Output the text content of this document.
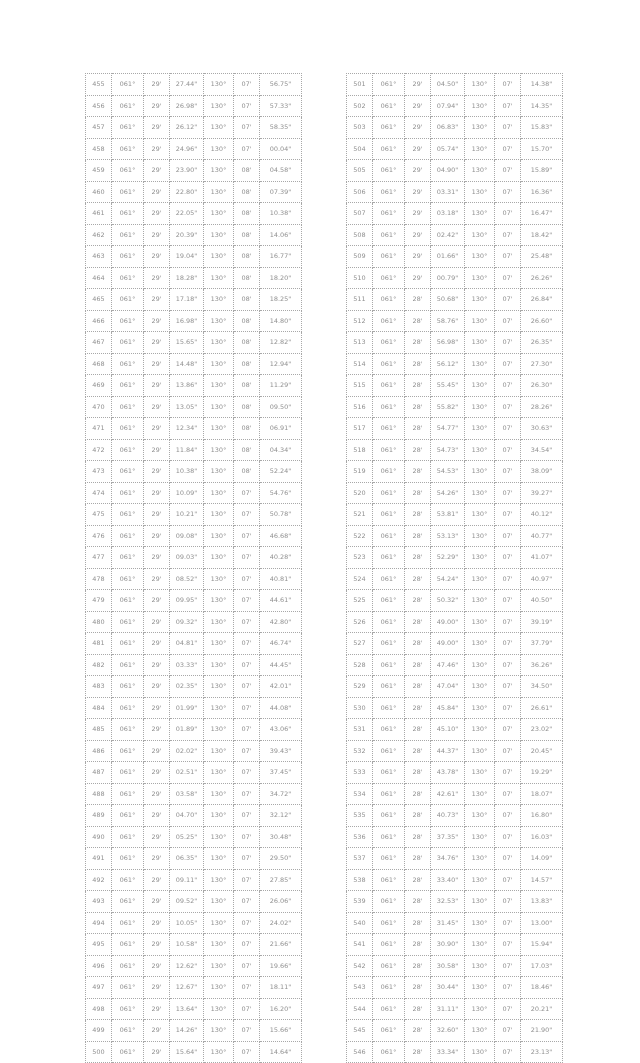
455	061°	29'	27.44"	130°	07'	56.75"
456	061°	29'	26.98"	130°	07'	57.33"
457	061°	29'	26.12"	130°	07'	58.35"
458	061°	29'	24.96"	130°	07'	00.04"
459	061°	29'	23.90"	130°	08'	04.58"
460	061°	29'	22.80"	130°	08'	07.39"
461	061°	29'	22.05"	130°	08'	10.38"
462	061°	29'	20.39"	130°	08'	14.06"
463	061°	29'	19.04"	130°	08'	16.77"
464	061°	29'	18.28"	130°	08'	18.20"
465	061°	29'	17.18"	130°	08'	18.25"
466	061°	29'	16.98"	130°	08'	14.80"
467	061°	29'	15.65"	130°	08'	12.82"
468	061°	29'	14.48"	130°	08'	12.94"
469	061°	29'	13.86"	130°	08'	11.29"
470	061°	29'	13.05"	130°	08'	09.50"
471	061°	29'	12.34"	130°	08'	06.91"
472	061°	29'	11.84"	130°	08'	04.34"
473	061°	29'	10.38"	130°	08'	52.24"
474	061°	29'	10.09"	130°	07'	54.76"
475	061°	29'	10.21"	130°	07'	50.78"
476	061°	29'	09.08"	130°	07'	46.68"
477	061°	29'	09.03"	130°	07'	40.28"
478	061°	29'	08.52"	130°	07'	40.81"
479	061°	29'	09.95"	130°	07'	44.61"
480	061°	29'	09.32"	130°	07'	42.80"
481	061°	29'	04.81"	130°	07'	46.74"
482	061°	29'	03.33"	130°	07'	44.45"
483	061°	29'	02.35"	130°	07'	42.01"
484	061°	29'	01.99"	130°	07'	44.08"
485	061°	29'	01.89"	130°	07'	43.06"
486	061°	29'	02.02"	130°	07'	39.43"
487	061°	29'	02.51"	130°	07'	37.45"
488	061°	29'	03.58"	130°	07'	34.72"
489	061°	29'	04.70"	130°	07'	32.12"
490	061°	29'	05.25"	130°	07'	30.48"
491	061°	29'	06.35"	130°	07'	29.50"
492	061°	29'	09.11"	130°	07'	27.85"
493	061°	29'	09.52"	130°	07'	26.06"
494	061°	29'	10.05"	130°	07'	24.02"
495	061°	29'	10.58"	130°	07'	21.66"
496	061°	29'	12.62"	130°	07'	19.66"
497	061°	29'	12.67"	130°	07'	18.11"
498	061°	29'	13.64"	130°	07'	16.20"
499	061°	29'	14.26"	130°	07'	15.66"
500	061°	29'	15.64"	130°	07'	14.64"
501	061°	29'	04.50"	130°	07'	14.38"
502	061°	29'	07.94"	130°	07'	14.35"
503	061°	29'	06.83"	130°	07'	15.83"
504	061°	29'	05.74"	130°	07'	15.70"
505	061°	29'	04.90"	130°	07'	15.89"
506	061°	29'	03.31"	130°	07'	16.36"
507	061°	29'	03.18"	130°	07'	16.47"
508	061°	29'	02.42"	130°	07'	18.42"
509	061°	29'	01.66"	130°	07'	25.48"
510	061°	29'	00.79"	130°	07'	26.26"
511	061°	28'	50.68"	130°	07'	26.84"
512	061°	28'	58.76"	130°	07'	26.60"
513	061°	28'	56.98"	130°	07'	26.35"
514	061°	28'	56.12"	130°	07'	27.30"
515	061°	28'	55.45"	130°	07'	26.30"
516	061°	28'	55.82"	130°	07'	28.26"
517	061°	28'	54.77"	130°	07'	30.63"
518	061°	28'	54.73"	130°	07'	34.54"
519	061°	28'	54.53"	130°	07'	38.09"
520	061°	28'	54.26"	130°	07'	39.27"
521	061°	28'	53.81"	130°	07'	40.12"
522	061°	28'	53.13"	130°	07'	40.77"
523	061°	28'	52.29"	130°	07'	41.07"
524	061°	28'	54.24"	130°	07'	40.97"
525	061°	28'	50.32"	130°	07'	40.50"
526	061°	28'	49.00"	130°	07'	39.19"
527	061°	28'	49.00"	130°	07'	37.79"
528	061°	28'	47.46"	130°	07'	36.26"
529	061°	28'	47.04"	130°	07'	34.50"
530	061°	28'	45.84"	130°	07'	26.61"
531	061°	28'	45.10"	130°	07'	23.02"
532	061°	28'	44.37"	130°	07'	20.45"
533	061°	28'	43.78"	130°	07'	19.29"
534	061°	28'	42.61"	130°	07'	18.07"
535	061°	28'	40.73"	130°	07'	16.80"
536	061°	28'	37.35"	130°	07'	16.03"
537	061°	28'	34.76"	130°	07'	14.09"
538	061°	28'	33.40"	130°	07'	14.57"
539	061°	28'	32.53"	130°	07'	13.83"
540	061°	28'	31.45"	130°	07'	13.00"
541	061°	28'	30.90"	130°	07'	15.94"
542	061°	28'	30.58"	130°	07'	17.03"
543	061°	28'	30.44"	130°	07'	18.46"
544	061°	28'	31.11"	130°	07'	20.21"
545	061°	28'	32.60"	130°	07'	21.90"
546	061°	28'	33.34"	130°	07'	23.13"
